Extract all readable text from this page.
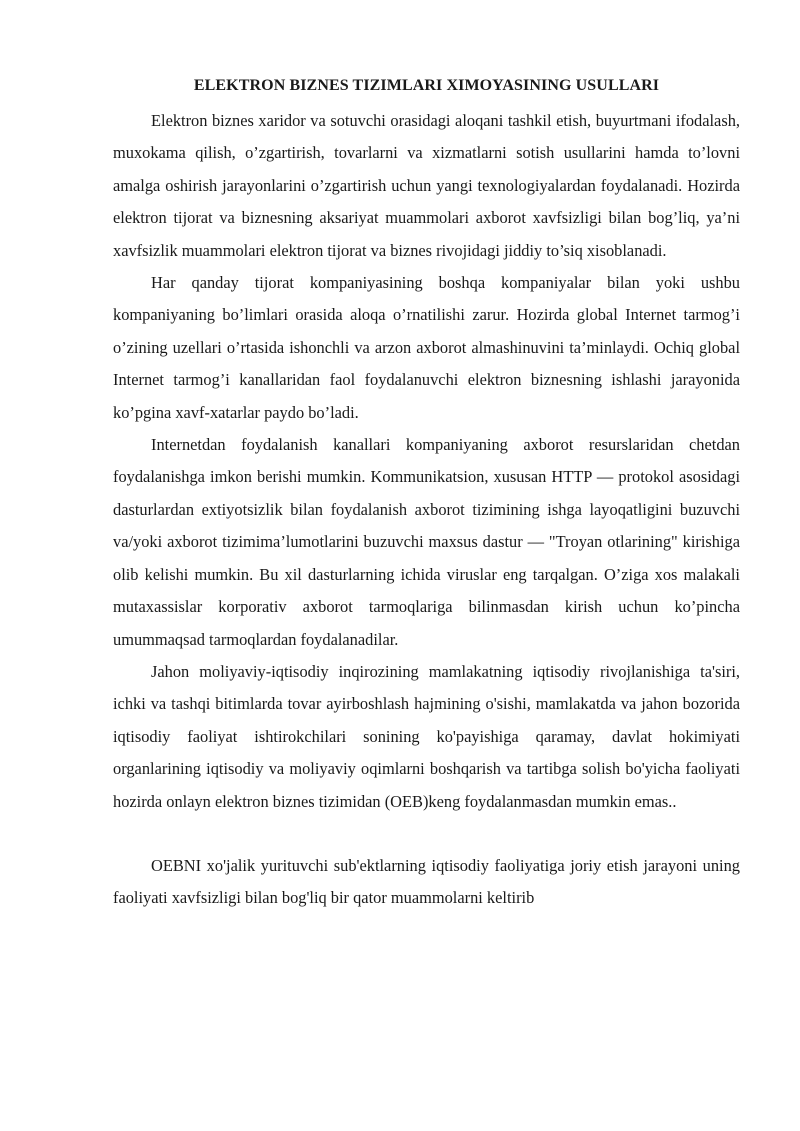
ELEKTRON BIZNES TIZIMLARI XIMOYASINING USULLARI

Elektron biznes xaridor va sotuvchi orasidagi aloqani tashkil etish, buyurtmani ifodalash, muxokama qilish, o’zgartirish, tovarlarni va xizmatlarni sotish usullarini hamda to’lovni amalga oshirish jarayonlarini o’zgartirish uchun yangi texnologiyalardan foydalanadi. Hozirda elektron tijorat va biznesning aksariyat muammolari axborot xavfsizligi bilan bog’liq, ya’ni xavfsizlik muammolari elektron tijorat va biznes rivojidagi jiddiy to’siq xisoblanadi.

Har qanday tijorat kompaniyasining boshqa kompaniyalar bilan yoki ushbu kompaniyaning bo’limlari orasida aloqa o’rnatilishi zarur. Hozirda global Internet tarmog’i o’zining uzellari o’rtasida ishonchli va arzon axborot almashinuvini ta’minlaydi. Ochiq global Internet tarmog’i kanallaridan faol foydalanuvchi elektron biznesning ishlashi jarayonida ko’pgina xavf-xatarlar paydo bo’ladi.

Internetdan foydalanish kanallari kompaniyaning axborot resurslaridan chetdan foydalanishga imkon berishi mumkin. Kommunikatsion, xususan HTTP — protokol asosidagi dasturlardan extiyotsizlik bilan foydalanish axborot tizimining ishga layoqatligini buzuvchi va/yoki axborot tizimima’lumotlarini buzuvchi maxsus dastur — "Troyan otlarining" kirishiga olib kelishi mumkin. Bu xil dasturlarning ichida viruslar eng tarqalgan. O’ziga xos malakali mutaxassislar korporativ axborot tarmoqlariga bilinmasdan kirish uchun ko’pincha umummaqsad tarmoqlardan foydalanadilar.

Jahon moliyaviy-iqtisodiy inqirozining mamlakatning iqtisodiy rivojlanishiga ta'siri, ichki va tashqi bitimlarda tovar ayirboshlash hajmining o'sishi, mamlakatda va jahon bozorida iqtisodiy faoliyat ishtirokchilari sonining ko'payishiga qaramay, davlat hokimiyati organlarining iqtisodiy va moliyaviy oqimlarni boshqarish va tartibga solish bo'yicha faoliyati hozirda onlayn elektron biznes tizimidan (OEB)keng foydalanmasdan mumkin emas..

OEBNI xo'jalik yurituvchi sub'ektlarning iqtisodiy faoliyatiga joriy etish jarayoni uning faoliyati xavfsizligi bilan bog'liq bir qator muammolarni keltirib
